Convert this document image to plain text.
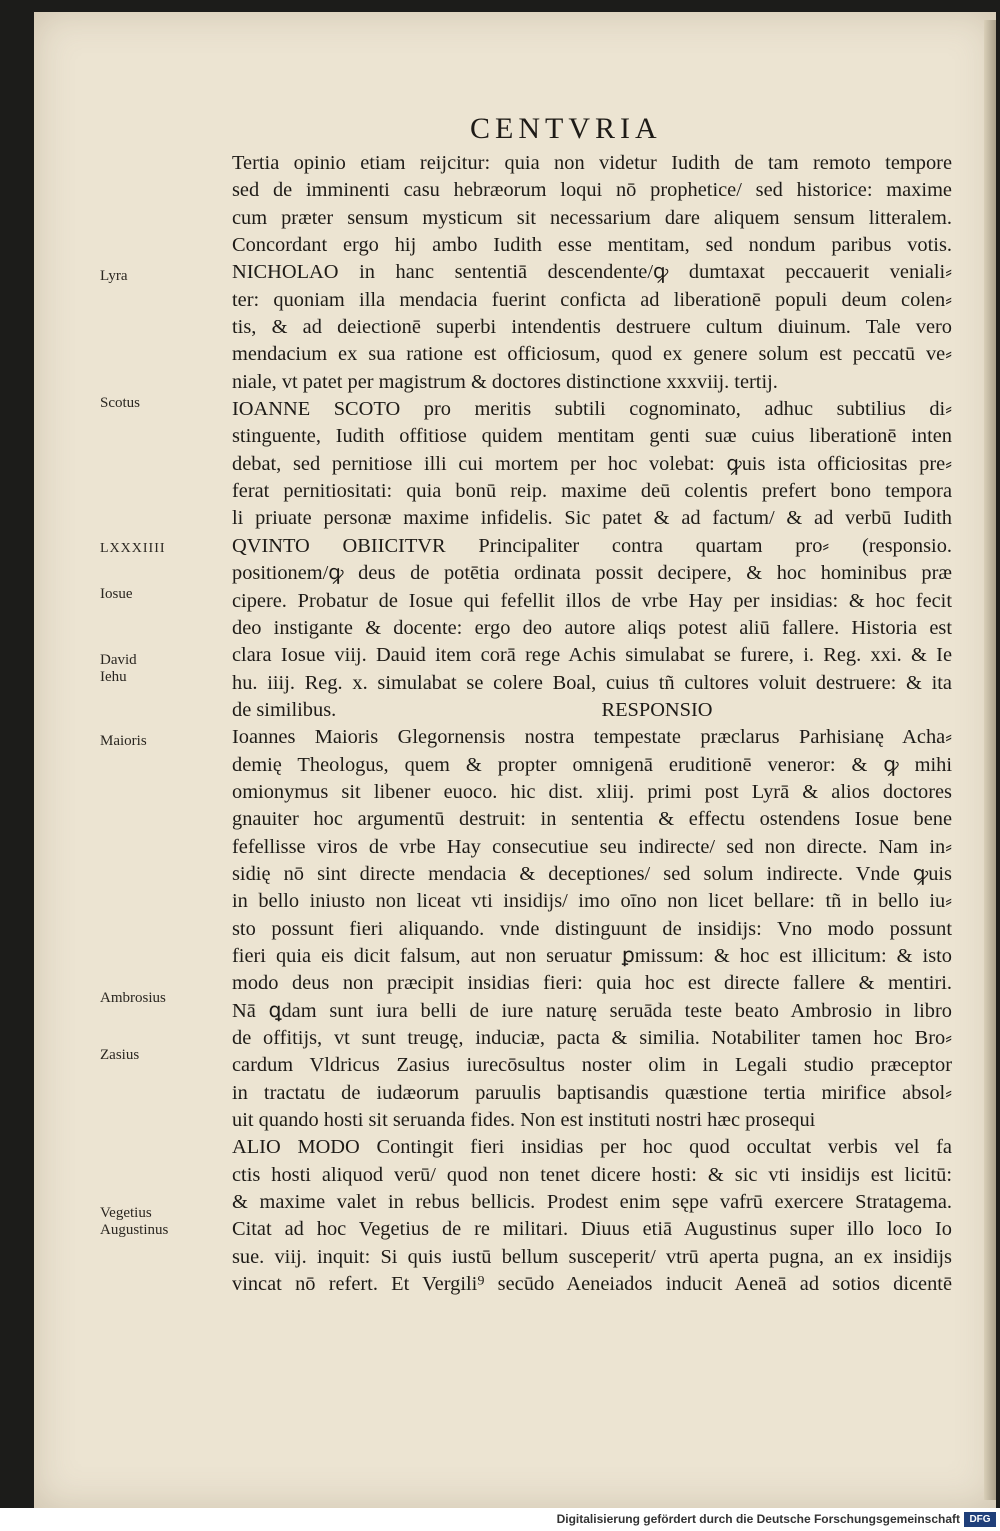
CENTVRIA
Lyra
Scotus
LXXXIIII
Iosue
David
Iehu
Maioris
Ambrosius
Zasius
Vegetius
Augustinus
Tertia opinio etiam reijcitur: quia non videtur Iudith de tam remoto tempore
sed de imminenti casu hebræorum loqui nō prophetice/ sed historice: maxime
cum præter sensum mysticum sit necessarium dare aliquem sensum litteralem.
Concordant ergo hij ambo Iudith esse mentitam, sed nondum paribus votis.
NICHOLAO in hanc sententiā descendente/ꝙ dumtaxat peccauerit veniali⸗
ter: quoniam illa mendacia fuerint conficta ad liberationē populi deum colen⸗
tis, & ad deiectionē superbi intendentis destruere cultum diuinum. Tale vero
mendacium ex sua ratione est officiosum, quod ex genere solum est peccatū ve⸗
niale, vt patet per magistrum & doctores distinctione xxxviij. tertij.
IOANNE SCOTO pro meritis subtili cognominato, adhuc subtilius di⸗
stinguente, Iudith offitiose quidem mentitam genti suæ cuius liberationē inten
debat, sed pernitiose illi cui mortem per hoc volebat: ꝙuis ista officiositas pre⸗
ferat pernitiositati: quia bonū reip. maxime deū colentis prefert bono tempora
li priuate personæ maxime infidelis. Sic patet & ad factum/ & ad verbū Iudith
QVINTO OBIICITVR Principaliter contra quartam pro⸗ (responsio.
positionem/ꝙ deus de potētia ordinata possit decipere, & hoc hominibus præ
cipere. Probatur de Iosue qui fefellit illos de vrbe Hay per insidias: & hoc fecit
deo instigante & docente: ergo deo autore aliqs potest aliū fallere. Historia est
clara Iosue viij. Dauid item corā rege Achis simulabat se furere, i. Reg. xxi. & Ie
hu. iiij. Reg. x. simulabat se colere Boal, cuius tñ cultores voluit destruere: & ita
de similibus.	RESPONSIO
Ioannes Maioris Glegornensis nostra tempestate præclarus Parhisianę Acha⸗
demię Theologus, quem & propter omnigenā eruditionē veneror: & ꝙ mihi
omionymus sit libener euoco. hic dist. xliij. primi post Lyrā & alios doctores
gnauiter hoc argumentū destruit: in sententia & effectu ostendens Iosue bene
fefellisse viros de vrbe Hay consecutiue seu indirecte/ sed non directe. Nam in⸗
sidię nō sint directe mendacia & deceptiones/ sed solum indirecte. Vnde ꝙuis
in bello iniusto non liceat vti insidijs/ imo oīno non licet bellare: tñ in bello iu⸗
sto possunt fieri aliquando. vnde distinguunt de insidijs: Vno modo possunt
fieri quia eis dicit falsum, aut non seruatur ꝑmissum: & hoc est illicitum: & isto
modo deus non præcipit insidias fieri: quia hoc est directe fallere & mentiri.
Nā ꝗdam sunt iura belli de iure naturę seruāda teste beato Ambrosio in libro
de offitijs, vt sunt treugę, induciæ, pacta & similia. Notabiliter tamen hoc Bro⸗
cardum Vldricus Zasius iurecōsultus noster olim in Legali studio præceptor
in tractatu de iudæorum paruulis baptisandis quæstione tertia mirifice absol⸗
uit quando hosti sit seruanda fides. Non est instituti nostri hæc prosequi
ALIO MODO Contingit fieri insidias per hoc quod occultat verbis vel fa
ctis hosti aliquod verū/ quod non tenet dicere hosti: & sic vti insidijs est licitū:
& maxime valet in rebus bellicis. Prodest enim sępe vafrū exercere Stratagema.
Citat ad hoc Vegetius de re militari. Diuus etiā Augustinus super illo loco Io
sue. viij. inquit: Si quis iustū bellum susceperit/ vtrū aperta pugna, an ex insidijs
vincat nō refert. Et Vergili⁹ secūdo Aeneiados inducit Aeneā ad sotios dicentē
Digitalisierung gefördert durch die Deutsche Forschungsgemeinschaft DFG
